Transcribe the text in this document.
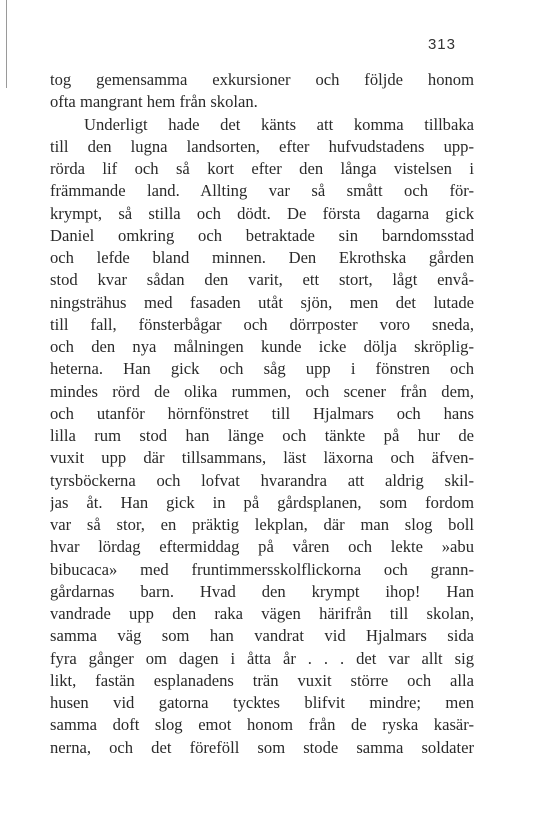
313
tog gemensamma exkursioner och följde honom
ofta mangrant hem från skolan.
Underligt hade det känts att komma tillbaka
till den lugna landsorten, efter hufvudstadens upp-
rörda lif och så kort efter den långa vistelsen i
främmande land. Allting var så smått och för-
krympt, så stilla och dödt. De första dagarna gick
Daniel omkring och betraktade sin barndomsstad
och lefde bland minnen. Den Ekrothska gården
stod kvar sådan den varit, ett stort, lågt envå-
ningsträhus med fasaden utåt sjön, men det lutade
till fall, fönsterbågar och dörrposter voro sneda,
och den nya målningen kunde icke dölja skröplig-
heterna. Han gick och såg upp i fönstren och
mindes rörd de olika rummen, och scener från dem,
och utanför hörnfönstret till Hjalmars och hans
lilla rum stod han länge och tänkte på hur de
vuxit upp där tillsammans, läst läxorna och äfven-
tyrsböckerna och lofvat hvarandra att aldrig skil-
jas åt. Han gick in på gårdsplanen, som fordom
var så stor, en präktig lekplan, där man slog boll
hvar lördag eftermiddag på våren och lekte »abu
bibucaca» med fruntimmersskolflickorna och grann-
gårdarnas barn. Hvad den krympt ihop! Han
vandrade upp den raka vägen härifrån till skolan,
samma väg som han vandrat vid Hjalmars sida
fyra gånger om dagen i åtta år . . . det var allt sig
likt, fastän esplanadens trän vuxit större och alla
husen vid gatorna tycktes blifvit mindre; men
samma doft slog emot honom från de ryska kasär-
nerna, och det föreföll som stode samma soldater
